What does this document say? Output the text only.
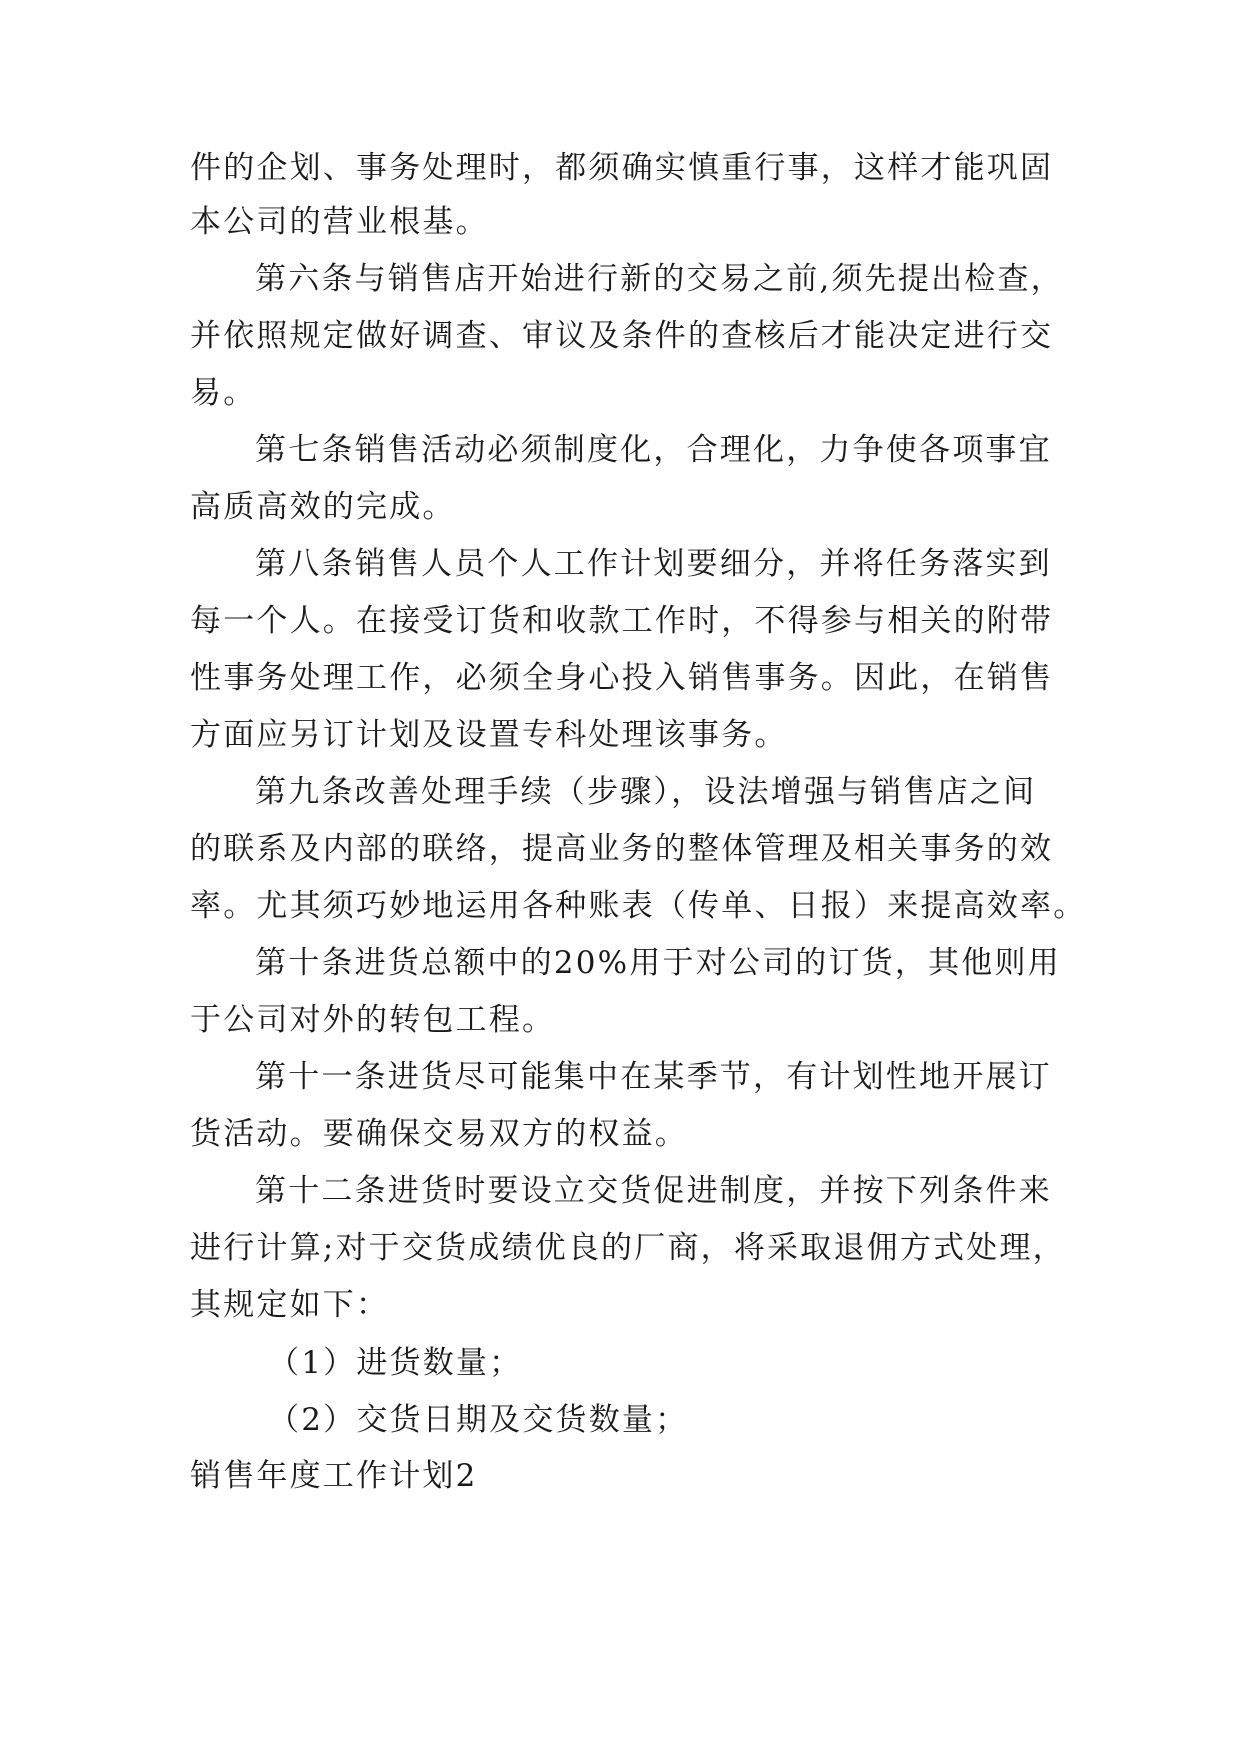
件的企划、事务处理时，都须确实慎重行事，这样才能巩固
本公司的营业根基。
第六条与销售店开始进行新的交易之前,须先提出检查，
并依照规定做好调查、审议及条件的查核后才能决定进行交
易。
第七条销售活动必须制度化，合理化，力争使各项事宜
高质高效的完成。
第八条销售人员个人工作计划要细分，并将任务落实到
每一个人。在接受订货和收款工作时，不得参与相关的附带
性事务处理工作，必须全身心投入销售事务。因此，在销售
方面应另订计划及设置专科处理该事务。
第九条改善处理手续（步骤），设法增强与销售店之间
的联系及内部的联络，提高业务的整体管理及相关事务的效
率。尤其须巧妙地运用各种账表（传单、日报）来提高效率。
第十条进货总额中的20%用于对公司的订货，其他则用
于公司对外的转包工程。
第十一条进货尽可能集中在某季节，有计划性地开展订
货活动。要确保交易双方的权益。
第十二条进货时要设立交货促进制度，并按下列条件来
进行计算;对于交货成绩优良的厂商，将采取退佣方式处理，
其规定如下：
（1）进货数量；
（2）交货日期及交货数量；
销售年度工作计划2
